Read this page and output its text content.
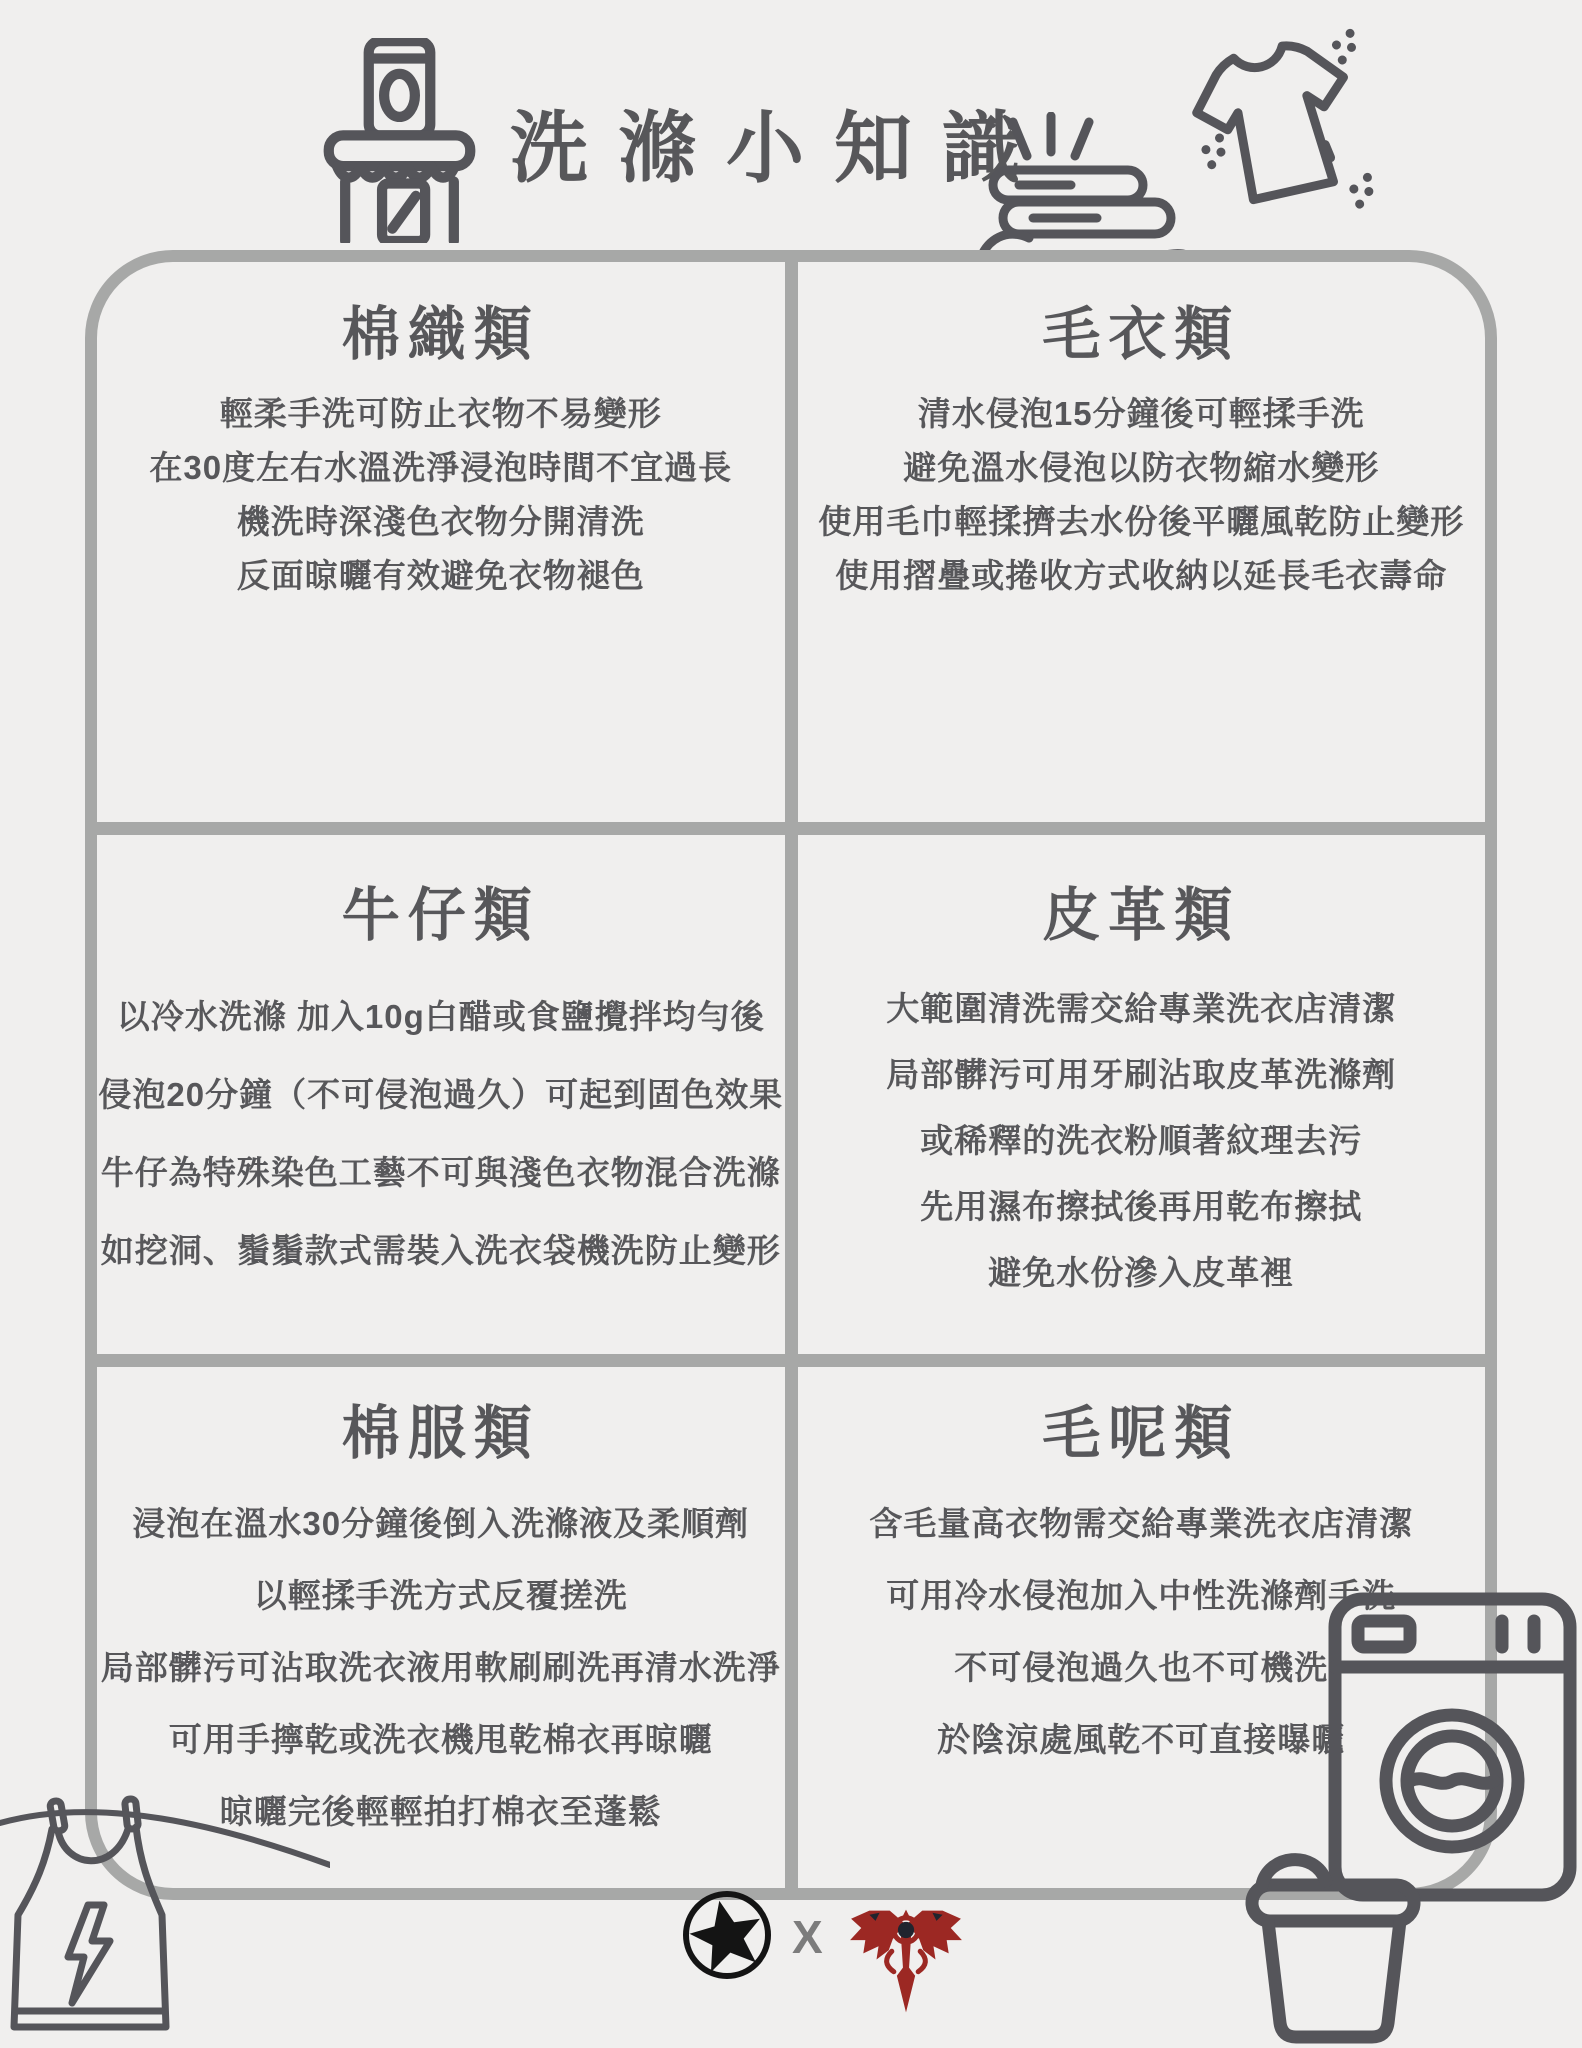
洗滌小知識
棉織類
輕柔手洗可防止衣物不易變形
在30度左右水溫洗淨浸泡時間不宜過長
機洗時深淺色衣物分開清洗
反面晾曬有效避免衣物褪色
毛衣類
清水侵泡15分鐘後可輕揉手洗
避免溫水侵泡以防衣物縮水變形
使用毛巾輕揉擠去水份後平曬風乾防止變形
使用摺疊或捲收方式收納以延長毛衣壽命
牛仔類
以冷水洗滌 加入10g白醋或食鹽攪拌均勻後
侵泡20分鐘（不可侵泡過久）可起到固色效果
牛仔為特殊染色工藝不可與淺色衣物混合洗滌
如挖洞、鬚鬚款式需裝入洗衣袋機洗防止變形
皮革類
大範圍清洗需交給專業洗衣店清潔
局部髒污可用牙刷沾取皮革洗滌劑
或稀釋的洗衣粉順著紋理去污
先用濕布擦拭後再用乾布擦拭
避免水份滲入皮革裡
棉服類
浸泡在溫水30分鐘後倒入洗滌液及柔順劑
以輕揉手洗方式反覆搓洗
局部髒污可沾取洗衣液用軟刷刷洗再清水洗淨
可用手擰乾或洗衣機甩乾棉衣再晾曬
晾曬完後輕輕拍打棉衣至蓬鬆
毛呢類
含毛量高衣物需交給專業洗衣店清潔
可用冷水侵泡加入中性洗滌劑手洗
不可侵泡過久也不可機洗
於陰涼處風乾不可直接曝曬
X
